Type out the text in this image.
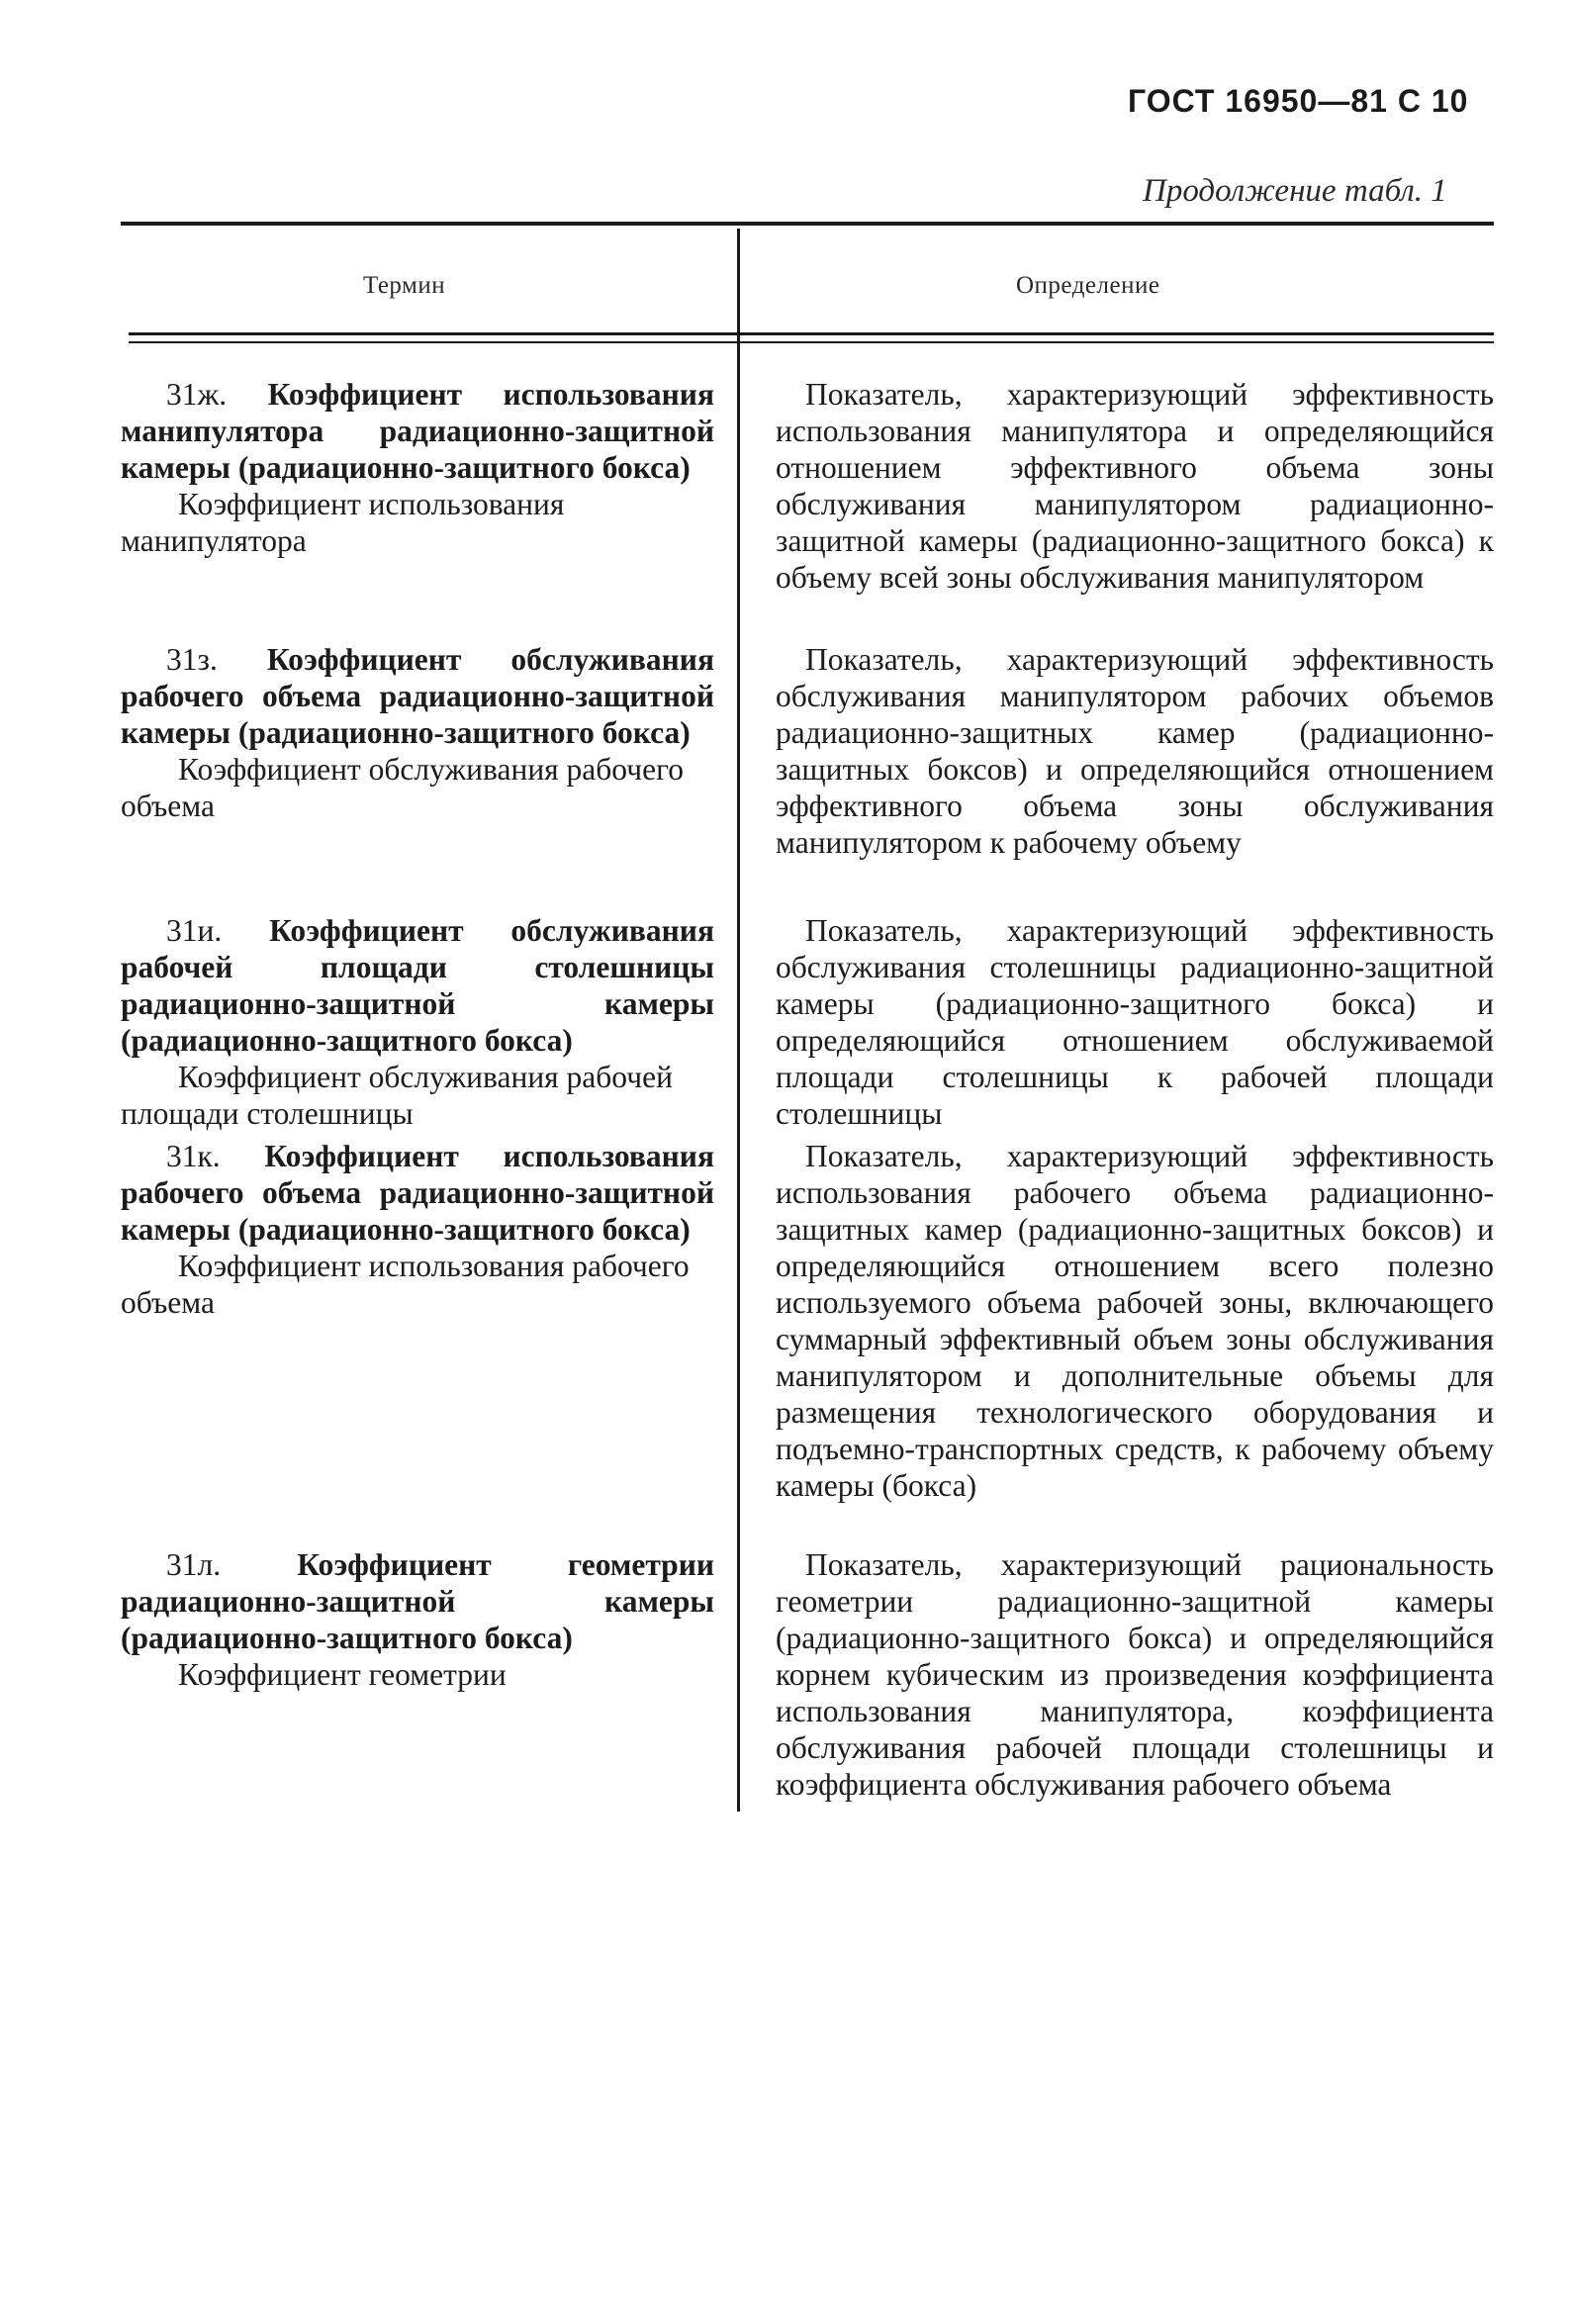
ГОСТ 16950—81 С 10
Продолжение табл. 1
Термин	Определение
31ж. Коэффициент использования манипулятора радиационно-защитной камеры (радиационно-защитного бокса)
Коэффициент использования манипулятора
Показатель, характеризующий эффективность использования манипулятора и определяющийся отношением эффективного объема зоны обслуживания манипулятором радиационно-защитной камеры (радиационно-защитного бокса) к объему всей зоны обслуживания манипулятором
31з. Коэффициент обслуживания рабочего объема радиационно-защитной камеры (радиационно-защитного бокса)
Коэффициент обслуживания рабочего объема
Показатель, характеризующий эффективность обслуживания манипулятором рабочих объемов радиационно-защитных камер (радиационно-защитных боксов) и определяющийся отношением эффективного объема зоны обслуживания манипулятором к рабочему объему
31и. Коэффициент обслуживания рабочей площади столешницы радиационно-защитной камеры (радиационно-защитного бокса)
Коэффициент обслуживания рабочей площади столешницы
Показатель, характеризующий эффективность обслуживания столешницы радиационно-защитной камеры (радиационно-защитного бокса) и определяющийся отношением обслуживаемой площади столешницы к рабочей площади столешницы
31к. Коэффициент использования рабочего объема радиационно-защитной камеры (радиационно-защитного бокса)
Коэффициент использования рабочего объема
Показатель, характеризующий эффективность использования рабочего объема радиационно-защитных камер (радиационно-защитных боксов) и определяющийся отношением всего полезно используемого объема рабочей зоны, включающего суммарный эффективный объем зоны обслуживания манипулятором и дополнительные объемы для размещения технологического оборудования и подъемно-транспортных средств, к рабочему объему камеры (бокса)
31л. Коэффициент геометрии радиационно-защитной камеры (радиационно-защитного бокса)
Коэффициент геометрии
Показатель, характеризующий рациональность геометрии радиационно-защитной камеры (радиационно-защитного бокса) и определяющийся корнем кубическим из произведения коэффициента использования манипулятора, коэффициента обслуживания рабочей площади столешницы и коэффициента обслуживания рабочего объема
